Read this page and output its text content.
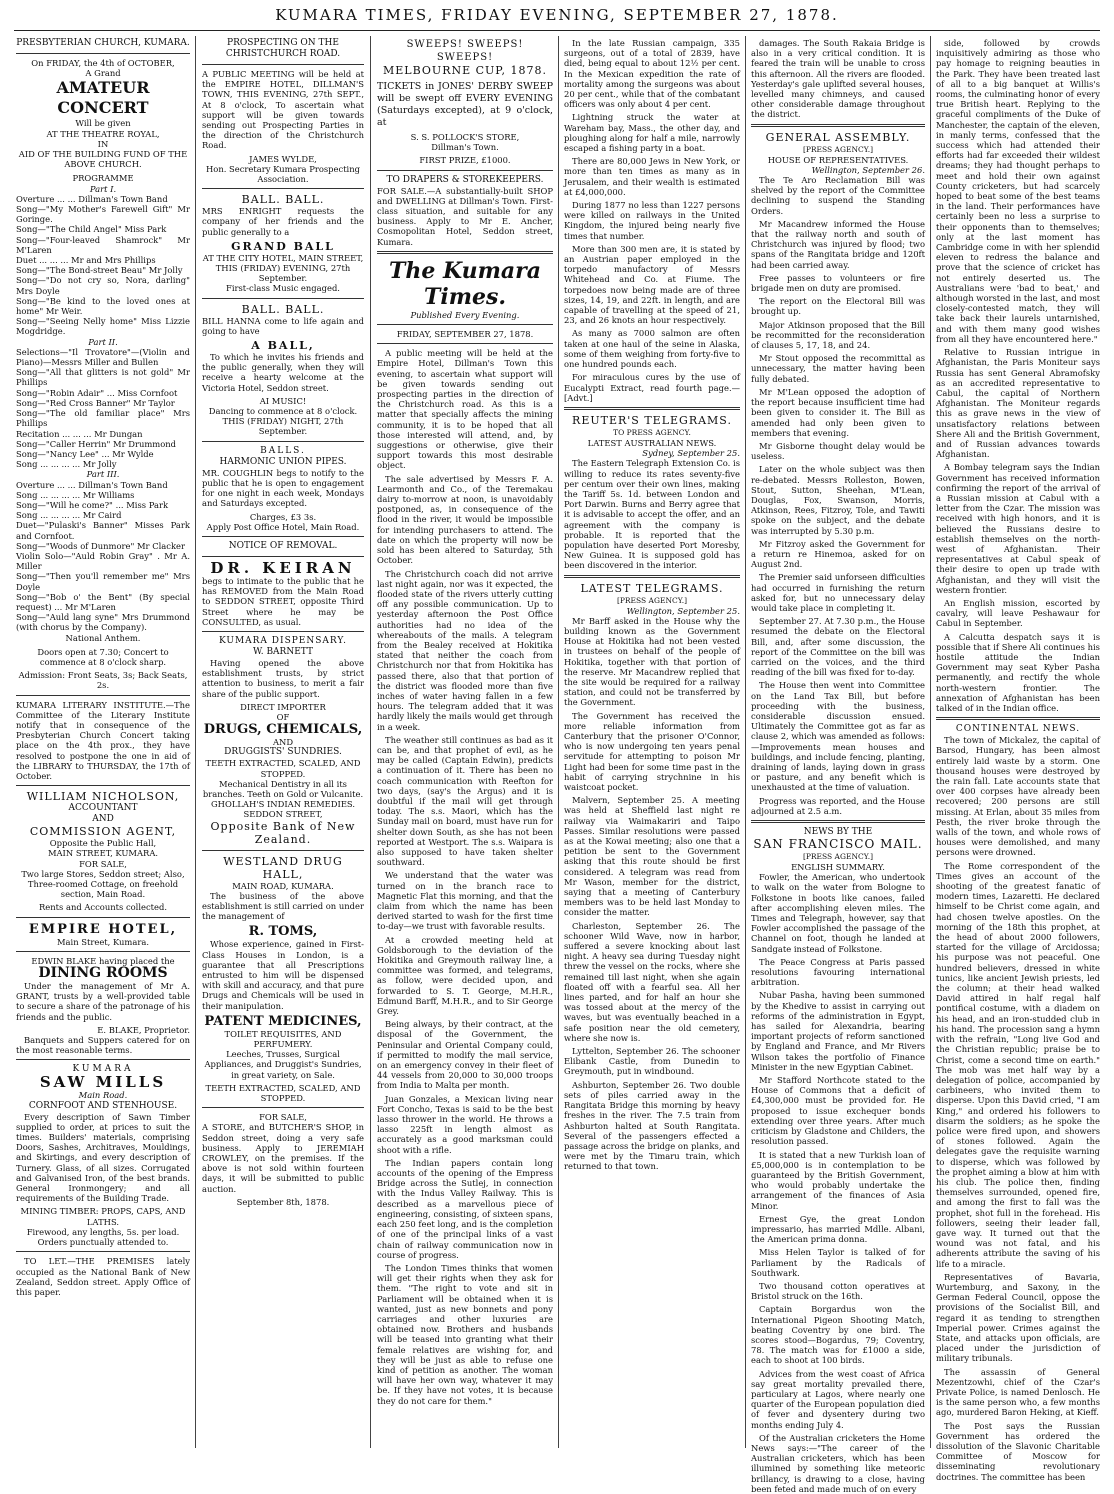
KUMARA TIMES, FRIDAY EVENING, SEPTEMBER 27, 1878.
PRESBYTERIAN CHURCH, KUMARA.
On FRIDAY, the 4th of OCTOBER,
A Grand
AMATEUR CONCERT
Will be given
AT THE THEATRE ROYAL,
IN
AID OF THE BUILDING FUND OF THE ABOVE CHURCH.
PROGRAMME
Part I.
Overture ... ... Dillman's Town Band
Song—"My Mother's Farewell Gift" Mr Goringe.
Song—"The Child Angel" Miss Park
Song—"Four-leaved Shamrock" Mr M'Laren
Duet ... ... ... Mr and Mrs Phillips
Song—"The Bond-street Beau" Mr Jolly
Song—"Do not cry so, Nora, darling" Mrs Doyle
Song—"Be kind to the loved ones at home" Mr Weir.
Song—"Seeing Nelly home" Miss Lizzie Mogdridge.
Part II.
Selections—"Il Trovatore"—(Violin and Piano)—Messrs Miller and Bullen
Song—"All that glitters is not gold" Mr Phillips
Song—"Robin Adair" ... Miss Cornfoot
Song—"Red Cross Banner" Mr Taylor
Song—"The old familiar place" Mrs Phillips
Recitation ... ... ... Mr Dungan
Song—"Caller Herrin" Mr Drummond
Song—"Nancy Lee" ... Mr Wylde
Song ... ... ... ... Mr Jolly
Part III.
Overture ... ... Dillman's Town Band
Song ... ... ... ... Mr Williams
Song—"Will he come?" ... Miss Park
Song ... ... ... ... Mr Caird
Duet—"Pulaski's Banner" Misses Park and Cornfoot.
Song—"Woods of Dunmore" Mr Clacker
Violin Solo—"Auld Robin Gray" . Mr A. Miller
Song—"Then you'll remember me" Mrs Doyle
Song—"Bob o' the Bent" (By special request) ... Mr M'Laren
Song—"Auld lang syne" Mrs Drummond (with chorus by the Company).
National Anthem.

Doors open at 7.30; Concert to commence at 8 o'clock sharp.

Admission: Front Seats, 3s; Back Seats, 2s.

KUMARA LITERARY INSTITUTE.—The Committee of the Literary Institute notify that in consequence of the Presbyterian Church Concert taking place on the 4th prox., they have resolved to postpone the one in aid of the LIBRARY to THURSDAY, the 17th of October.

WILLIAM NICHOLSON,
ACCOUNTANT
AND
COMMISSION AGENT,
Opposite the Public Hall,
MAIN STREET, KUMARA.
FOR SALE,

Two large Stores, Seddon street; Also, Three-roomed Cottage, on freehold section, Main Road.

Rents and Accounts collected.
EMPIRE HOTEL,
Main Street, Kumara.
EDWIN BLAKE having placed the
DINING ROOMS

Under the management of Mr A. GRANT, trusts by a well-provided table to secure a share of the patronage of his friends and the public.

E. BLAKE, Proprietor.

Banquets and Suppers catered for on the most reasonable terms.

KUMARA
SAW MILLS
Main Road.
CORNFOOT AND STENHOUSE.

Every description of Sawn Timber supplied to order, at prices to suit the times. Builders' materials, comprising Doors, Sashes, Architraves, Mouldings, and Skirtings, and every description of Turnery. Glass, of all sizes. Corrugated and Galvanised Iron, of the best brands. General Ironmongery; and all requirements of the Building Trade.

MINING TIMBER: PROPS, CAPS, AND LATHS.
Firewood, any lengths, 5s. per load.
Orders punctually attended to.

TO LET.—THE PREMISES lately occupied as the National Bank of New Zealand, Seddon street. Apply Office of this paper.

PROSPECTING ON THE CHRISTCHURCH ROAD.

A PUBLIC MEETING will be held at the EMPIRE HOTEL, DILLMAN'S TOWN, THIS EVENING, 27th SEPT., At 8 o'clock, To ascertain what support will be given towards sending out Prospecting Parties in the direction of the Christchurch Road.

JAMES WYLDE,
Hon. Secretary Kumara Prospecting Association.
BALL. BALL.

MRS ENRIGHT requests the company of her friends and the public generally to a

GRAND BALL
AT THE CITY HOTEL, MAIN STREET,
THIS (FRIDAY) EVENING, 27th September.
First-class Music engaged.
BALL. BALL.

BILL HANNA come to life again and going to have

A BALL,

To which he invites his friends and the public generally, when they will receive a hearty welcome at the Victoria Hotel, Seddon street.

AI MUSIC!
Dancing to commence at 8 o'clock.
THIS (FRIDAY) NIGHT, 27th September.
BALLS.
HARMONIC UNION PIPES.

MR. COUGHLIN begs to notify to the public that he is open to engagement for one night in each week, Mondays and Saturdays excepted.

Charges, £3 3s.
Apply Post Office Hotel, Main Road.
NOTICE OF REMOVAL.
DR. KEIRAN

begs to intimate to the public that he has REMOVED from the Main Road to SEDDON STREET, opposite Third Street where he may be CONSULTED, as usual.

KUMARA DISPENSARY.
W. BARNETT

Having opened the above establishment trusts, by strict attention to business, to merit a fair share of the public support.

DIRECT IMPORTER
OF
DRUGS, CHEMICALS,
AND
DRUGGISTS' SUNDRIES.
TEETH EXTRACTED, SCALED, AND STOPPED.
Mechanical Dentistry in all its branches. Teeth on Gold or Vulcanite.
GHOLLAH'S INDIAN REMEDIES.
SEDDON STREET,
Opposite Bank of New Zealand.
WESTLAND DRUG HALL,
MAIN ROAD, KUMARA.

The business of the above establishment is still carried on under the management of

R. TOMS,

Whose experience, gained in First-Class Houses in London, is a guarantee that all Prescriptions entrusted to him will be dispensed with skill and accuracy, and that pure Drugs and Chemicals will be used in their manipulation.

PATENT MEDICINES,
TOILET REQUISITES, AND PERFUMERY.
Leeches, Trusses, Surgical Appliances, and Druggist's Sundries, in great variety, on Sale.
TEETH EXTRACTED, SCALED, AND STOPPED.
FOR SALE,

A STORE, and BUTCHER'S SHOP, in Seddon street, doing a very safe business. Apply to JEREMIAH CROWLEY, on the premises. If the above is not sold within fourteen days, it will be submitted to public auction.

September 8th, 1878.
SWEEPS! SWEEPS! SWEEPS!
MELBOURNE CUP, 1878.

TICKETS in JONES' DERBY SWEEP will be swept off EVERY EVENING (Saturdays excepted), at 9 o'clock, at

S. S. POLLOCK'S STORE,
Dillman's Town.
FIRST PRIZE, £1000.
TO DRAPERS & STOREKEEPERS.

FOR SALE.—A substantially-built SHOP and DWELLING at Dillman's Town. First-class situation, and suitable for any business. Apply to Mr E. Ancher, Cosmopolitan Hotel, Seddon street, Kumara.

The Kumara Times.
Published Every Evening.
FRIDAY, SEPTEMBER 27, 1878.

A public meeting will be held at the Empire Hotel, Dillman's Town this evening, to ascertain what support will be given towards sending out prospecting parties in the direction of the Christchurch road. As this is a matter that specially affects the mining community, it is to be hoped that all those interested will attend, and, by suggestions or otherwise, give their support towards this most desirable object.

The sale advertised by Messrs F. A. Learmonth and Co., of the Teremakau dairy to-morrow at noon, is unavoidably postponed, as, in consequence of the flood in the river, it would be impossible for intending purchasers to attend. The date on which the property will now be sold has been altered to Saturday, 5th October.

The Christchurch coach did not arrive last night again, nor was it expected, the flooded state of the rivers utterly cutting off any possible communication. Up to yesterday afternoon the Post Office authorities had no idea of the whereabouts of the mails. A telegram from the Bealey received at Hokitika stated that neither the coach from Christchurch nor that from Hokitika has passed there, also that that portion of the district was flooded more than five inches of water having fallen in a few hours. The telegram added that it was hardly likely the mails would get through in a week.

The weather still continues as bad as it can be, and that prophet of evil, as he may be called (Captain Edwin), predicts a continuation of it. There has been no coach communication with Reefton for two days, (say's the Argus) and it is doubtful if the mail will get through today. The s.s. Maori, which has the Sunday mail on board, must have run for shelter down South, as she has not been reported at Westport. The s.s. Waipara is also supposed to have taken shelter southward.

We understand that the water was turned on in the branch race to Magnetic Flat this morning, and that the claim from which the name has been derived started to wash for the first time to-day—we trust with favorable results.

At a crowded meeting held at Goldsborough to the deviation of the Hokitika and Greymouth railway line, a committee was formed, and telegrams, as follow, were decided upon, and forwarded to S. T. George, M.H.R., Edmund Barff, M.H.R., and to Sir George Grey.

Being always, by their contract, at the disposal of the Government, the Peninsular and Oriental Company could, if permitted to modify the mail service, on an emergency convey in their fleet of 44 vessels from 20,000 to 30,000 troops from India to Malta per month.

Juan Gonzales, a Mexican living near Fort Concho, Texas is said to be the best lasso thrower in the world. He throws a lasso 225ft in length almost as accurately as a good marksman could shoot with a rifle.

The Indian papers contain long accounts of the opening of the Empress Bridge across the Sutlej, in connection with the Indus Valley Railway. This is described as a marvellous piece of engineering, consisting, of sixteen spans, each 250 feet long, and is the completion of one of the principal links of a vast chain of railway communication now in course of progress.

The London Times thinks that women will get their rights when they ask for them. "The right to vote and sit in Parliament will be obtained when it is wanted, just as new bonnets and pony carriages and other luxuries are obtained now. Brothers and husbands will be teased into granting what their female relatives are wishing for, and they will be just as able to refuse one kind of petition as another. The woman will have her own way, whatever it may be. If they have not votes, it is because they do not care for them."

In the late Russian campaign, 335 surgeons, out of a total of 2839, have died, being equal to about 12½ per cent. In the Mexican expedition the rate of mortality among the surgeons was about 20 per cent., while that of the combatant officers was only about 4 per cent.

Lightning struck the water at Wareham bay, Mass., the other day, and ploughing along for half a mile, narrowly escaped a fishing party in a boat.

There are 80,000 Jews in New York, or more than ten times as many as in Jerusalem, and their wealth is estimated at £4,000,000.

During 1877 no less than 1227 persons were killed on railways in the United Kingdom, the injured being nearly five times that number.

More than 300 men are, it is stated by an Austrian paper employed in the torpedo manufactory of Messrs Whitehead and Co. at Fiume. The torpedoes now being made are of three sizes, 14, 19, and 22ft. in length, and are capable of travelling at the speed of 21, 23, and 26 knots an hour respectively.

As many as 7000 salmon are often taken at one haul of the seine in Alaska, some of them weighing from forty-five to one hundred pounds each.

For miraculous cures by the use of Eucalypti Extract, read fourth page.—[Advt.]

REUTER'S TELEGRAMS.
TO PRESS AGENCY.
LATEST AUSTRALIAN NEWS.
Sydney, September 25.

The Eastern Telegraph Extension Co. is willing to reduce its rates seventy-five per centum over their own lines, making the Tariff 5s. 1d. between London and Port Darwin. Burns and Berry agree that it is advisable to accept the offer, and an agreement with the company is probable. It is reported that the population have deserted Port Moresby, New Guinea. It is supposed gold has been discovered in the interior.

LATEST TELEGRAMS.
[PRESS AGENCY.]
Wellington, September 25.

Mr Barff asked in the House why the building known as the Government House at Hokitika had not been vested in trustees on behalf of the people of Hokitika, together with that portion of the reserve. Mr Macandrew replied that the site would be required for a railway station, and could not be transferred by the Government.

The Government has received the more reliable information from Canterbury that the prisoner O'Connor, who is now undergoing ten years penal servitude for attempting to poison Mr Light had been for some time past in the habit of carrying strychnine in his waistcoat pocket.

Malvern, September 25. A meeting was held at Sheffield last night re railway via Waimakariri and Taipo Passes. Similar resolutions were passed as at the Kowai meeting; also one that a petition be sent to the Government asking that this route should be first considered. A telegram was read from Mr Wason, member for the district, saying that a meeting of Canterbury members was to be held last Monday to consider the matter.

Charleston, September 26. The schooner Wild Wave, now in harbor, suffered a severe knocking about last night. A heavy sea during Tuesday night threw the vessel on the rocks, where she remained till last night, when she again floated off with a fearful sea. All her lines parted, and for half an hour she was tossed about at the mercy of the waves, but was eventually beached in a safe position near the old cemetery, where she now is.

Lyttelton, September 26. The schooner Elibank Castle, from Dunedin to Greymouth, put in windbound.

Ashburton, September 26. Two double sets of piles carried away in the Rangitata Bridge this morning by heavy freshes in the river. The 7.5 train from Ashburton halted at South Rangitata. Several of the passengers effected a passage across the bridge on planks, and were met by the Timaru train, which returned to that town.

damages. The South Rakaia Bridge is also in a very critical condition. It is feared the train will be unable to cross this afternoon. All the rivers are flooded. Yesterday's gale uplifted several houses, levelled many chimneys, and caused other considerable damage throughout the district.

GENERAL ASSEMBLY.
[PRESS AGENCY.]
HOUSE OF REPRESENTATIVES.
Wellington, September 26.

The Te Aro Reclamation Bill was shelved by the report of the Committee declining to suspend the Standing Orders.

Mr Macandrew informed the House that the railway north and south of Christchurch was injured by flood; two spans of the Rangitata bridge and 120ft had been carried away.

Free passes to volunteers or fire brigade men on duty are promised.

The report on the Electoral Bill was brought up.

Major Atkinson proposed that the Bill be recommitted for the reconsideration of clauses 5, 17, 18, and 24.

Mr Stout opposed the recommittal as unnecessary, the matter having been fully debated.

Mr M'Lean opposed the adoption of the report because insufficient time had been given to consider it. The Bill as amended had only been given to members that evening.

Mr Gisborne thought delay would be useless.

Later on the whole subject was then re-debated. Messrs Rolleston, Bowen, Stout, Sutton, Sheehan, M'Lean, Douglas, Fox, Swanson, Morris, Atkinson, Rees, Fitzroy, Tole, and Tawiti spoke on the subject, and the debate was interrupted by 5.30 p.m.

Mr Fitzroy asked the Government for a return re Hinemoa, asked for on August 2nd.

The Premier said unforseen difficulties had occurred in furnishing the return asked for, but no unnecessary delay would take place in completing it.

September 27. At 7.30 p.m., the House resumed the debate on the Electoral Bill, and, after some discussion, the report of the Committee on the bill was carried on the voices, and the third reading of the bill was fixed for to-day.

The House then went into Committee on the Land Tax Bill, but before proceeding with the business, considerable discussion ensued. Ultimately the Committee got as far as clause 2, which was amended as follows:—Improvements mean houses and buildings, and include fencing, planting, draining of lands, laying down in grass or pasture, and any benefit which is unexhausted at the time of valuation.

Progress was reported, and the House adjourned at 2.5 a.m.

NEWS BY THE
SAN FRANCISCO MAIL.
[PRESS AGENCY.]
ENGLISH SUMMARY.

Fowler, the American, who undertook to walk on the water from Bologne to Folkstone in boots like canoes, failed after accomplishing eleven miles. The Times and Telegraph, however, say that Fowler accomplished the passage of the Channel on foot, though he landed at Sandgate instead of Folkstone.

The Peace Congress at Paris passed resolutions favouring international arbitration.

Nubar Pasha, having been summoned by the Khedive to assist in carrying out reforms of the administration in Egypt, has sailed for Alexandria, bearing important projects of reform sanctioned by England and France, and Mr Rivers Wilson takes the portfolio of Finance Minister in the new Egyptian Cabinet.

Mr Stafford Northcote stated to the House of Commons that a deficit of £4,300,000 must be provided for. He proposed to issue exchequer bonds extending over three years. After much criticism by Gladstone and Childers, the resolution passed.

It is stated that a new Turkish loan of £5,000,000 is in contemplation to be guaranteed by the British Government, who would probably undertake the arrangement of the finances of Asia Minor.

Ernest Gye, the great London impressario, has married Mdlle. Albani, the American prima donna.

Miss Helen Taylor is talked of for Parliament by the Radicals of Southwark.

Two thousand cotton operatives at Bristol struck on the 16th.

Captain Borgardus won the International Pigeon Shooting Match, beating Coventry by one bird. The scores stood—Bogardus, 79; Coventry, 78. The match was for £1000 a side, each to shoot at 100 birds.

Advices from the west coast of Africa say great mortality prevailed there, particulary at Lagos, where nearly one quarter of the European population died of fever and dysentery during two months ending July 4.

Of the Australian cricketers the Home News says:—"The career of the Australian cricketers, which has been illumined by something like meteoric brillancy, is drawing to a close, having been feted and made much of on every

side, followed by crowds inquisitively admiring as those who pay homage to reigning beauties in the Park. They have been treated last of all to a big banquet at Willis's rooms, the culminating honor of every true British heart. Replying to the graceful compliments of the Duke of Manchester, the captain of the eleven, in manly terms, confessed that the success which had attended their efforts had far exceeded their wildest dreams; they had thought perhaps to meet and hold their own against County cricketers, but had scarcely hoped to beat some of the best teams in the land. Their performances have certainly been no less a surprise to their opponents than to themselves; only at the last moment has Cambridge come in with her splendid eleven to redress the balance and prove that the science of cricket has not entirely deserted us. The Australians were 'bad to beat,' and although worsted in the last, and most closely-contested match, they will take back their laurels untarnished, and with them many good wishes from all they have encountered here."

Relative to Russian intrigue in Afghanistan, the Paris Moniteur says Russia has sent General Abramofsky as an accredited representative to Cabul, the capital of Northern Afghanistan. The Moniteur regards this as grave news in the view of unsatisfactory relations between Shere Ali and the British Government, and of Russian advances towards Afghanistan.

A Bombay telegram says the Indian Government has received information confirming the report of the arrival of a Russian mission at Cabul with a letter from the Czar. The mission was received with high honors, and it is believed the Russians desire to establish themselves on the north-west of Afghanistan. Their representatives at Cabul speak of their desire to open up trade with Afghanistan, and they will visit the western frontier.

An English mission, escorted by cavalry, will leave Peshawaur for Cabul in September.

A Calcutta despatch says it is possible that if Shere Ali continues his hostile attitude the Indian Government may seat Kyber Pasha permanently, and rectify the whole north-western frontier. The annexation of Afghanistan has been talked of in the Indian office.

CONTINENTAL NEWS.

The town of Mickalez, the capital of Barsod, Hungary, has been almost entirely laid waste by a storm. One thousand houses were destroyed by the rain fall. Late accounts state that over 400 corpses have already been recovered; 200 persons are still missing. At Erlan, about 35 miles from Pesth, the river broke through the walls of the town, and whole rows of houses were demolished, and many persons were drowned.

The Rome correspondent of the Times gives an account of the shooting of the greatest fanatic of modern times, Lazaretti. He declared himself to be Christ come again, and had chosen twelve apostles. On the morning of the 18th this prophet, at the head of about 2000 followers, started for the village of Arcidossa; his purpose was not peaceful. One hundred believers, dressed in white tunics, like ancient Jewish priests, led the column; at their head walked David attired in half regal half pontifical costume, with a diadem on his head, and an iron-studded club in his hand. The procession sang a hymn with the refrain, "Long live God and the Christian republic; praise be to Christ, come a second time on earth." The mob was met half way by a delegation of police, accompanied by carbineers, who invited them to disperse. Upon this David cried, "I am King," and ordered his followers to disarm the soldiers; as he spoke the police were fired upon, and showers of stones followed. Again the delegates gave the requisite warning to disperse, which was followed by the prophet aiming a blow at him with his club. The police then, finding themselves surrounded, opened fire, and among the first to fall was the prophet, shot full in the forehead. His followers, seeing their leader fall, gave way. It turned out that the wound was not fatal, and his adherents attribute the saving of his life to a miracle.

Representatives of Bavaria, Wurtemburg, and Saxony, in the German Federal Council, oppose the provisions of the Socialist Bill, and regard it as tending to strengthen Imperial power. Crimes against the State, and attacks upon officials, are placed under the jurisdiction of military tribunals.

The assassin of General Mezentzowhi, chief of the Czar's Private Police, is named Denlosch. He is the same person who, a few months ago, murdered Baron Heking, at Kieff.

The Post says the Russian Government has ordered the dissolution of the Slavonic Charitable Committee of Moscow for disseminating revolutionary doctrines. The committee has been
